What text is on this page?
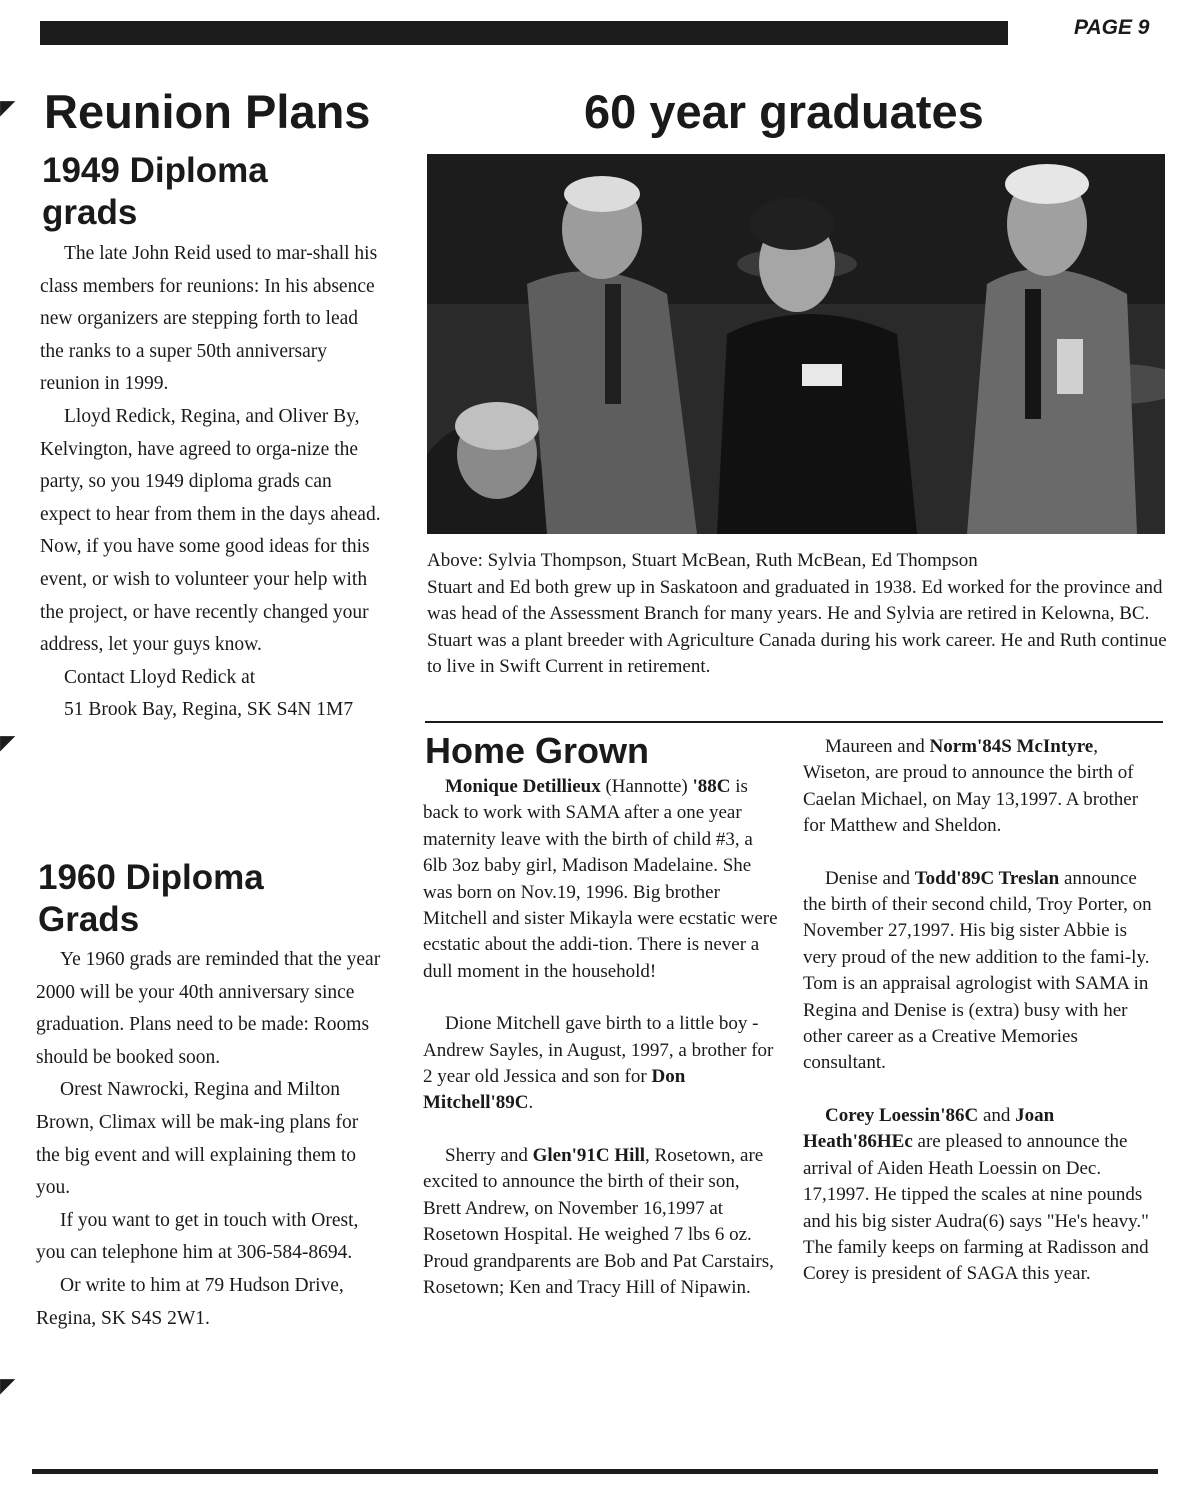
PAGE 9
◤
◤
◤
Reunion Plans
1949 Diploma
grads

The late John Reid used to mar-shall his class members for reunions: In his absence new organizers are stepping forth to lead the ranks to a super 50th anniversary reunion in 1999.

Lloyd Redick, Regina, and Oliver By, Kelvington, have agreed to orga-nize the party, so you 1949 diploma grads can expect to hear from them in the days ahead. Now, if you have some good ideas for this event, or wish to volunteer your help with the project, or have recently changed your address, let your guys know.

Contact Lloyd Redick at

51 Brook Bay, Regina, SK S4N 1M7

1960 Diploma
Grads

Ye 1960 grads are reminded that the year 2000 will be your 40th anniversary since graduation. Plans need to be made: Rooms should be booked soon.

Orest Nawrocki, Regina and Milton Brown, Climax will be mak-ing plans for the big event and will explaining them to you.

If you want to get in touch with Orest, you can telephone him at 306-584-8694.

Or write to him at 79 Hudson Drive, Regina, SK S4S 2W1.

60 year graduates

Above: Sylvia Thompson, Stuart McBean, Ruth McBean, Ed Thompson

Stuart and Ed both grew up in Saskatoon and graduated in 1938. Ed worked for the province and was head of the Assessment Branch for many years. He and Sylvia are retired in Kelowna, BC. Stuart was a plant breeder with Agriculture Canada during his work career. He and Ruth continue to live in Swift Current in retirement.

Home Grown

Monique Detillieux (Hannotte) '88C is back to work with SAMA after a one year maternity leave with the birth of child #3, a 6lb 3oz baby girl, Madison Madelaine. She was born on Nov.19, 1996. Big brother Mitchell and sister Mikayla were ecstatic were ecstatic about the addi-tion. There is never a dull moment in the household!

Dione Mitchell gave birth to a little boy - Andrew Sayles, in August, 1997, a brother for 2 year old Jessica and son for Don Mitchell'89C.

Sherry and Glen'91C Hill, Rosetown, are excited to announce the birth of their son, Brett Andrew, on November 16,1997 at Rosetown Hospital. He weighed 7 lbs 6 oz. Proud grandparents are Bob and Pat Carstairs, Rosetown; Ken and Tracy Hill of Nipawin.

Maureen and Norm'84S McIntyre, Wiseton, are proud to announce the birth of Caelan Michael, on May 13,1997. A brother for Matthew and Sheldon.

Denise and Todd'89C Treslan announce the birth of their second child, Troy Porter, on November 27,1997. His big sister Abbie is very proud of the new addition to the fami-ly. Tom is an appraisal agrologist with SAMA in Regina and Denise is (extra) busy with her other career as a Creative Memories consultant.

Corey Loessin'86C and Joan Heath'86HEc are pleased to announce the arrival of Aiden Heath Loessin on Dec. 17,1997. He tipped the scales at nine pounds and his big sister Audra(6) says "He's heavy." The family keeps on farming at Radisson and Corey is president of SAGA this year.
